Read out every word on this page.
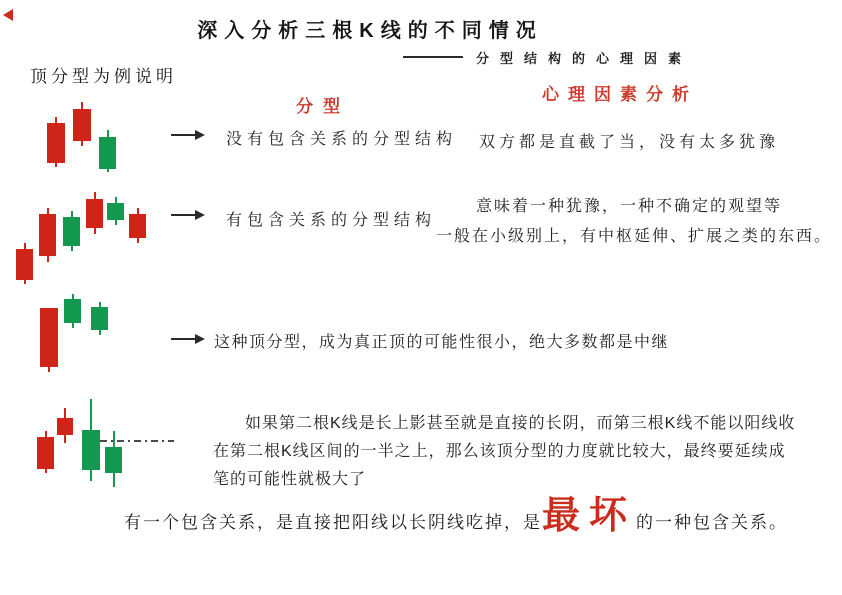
深入分析三根K线的不同情况
分型结构的心理因素
顶分型为例说明
分型
心理因素分析
没有包含关系的分型结构 双方都是直截了当，没有太多犹豫
有包含关系的分型结构
意味着一种犹豫，一种不确定的观望等
一般在小级别上，有中枢延伸、扩展之类的东西。
这种顶分型，成为真正顶的可能性很小，绝大多数都是中继
如果第二根K线是长上影甚至就是直接的长阴，而第三根K线不能以阳线收
在第二根K线区间的一半之上，那么该顶分型的力度就比较大，最终要延续成
笔的可能性就极大了
有一个包含关系，是直接把阳线以长阴线吃掉，是最坏的一种包含关系。
